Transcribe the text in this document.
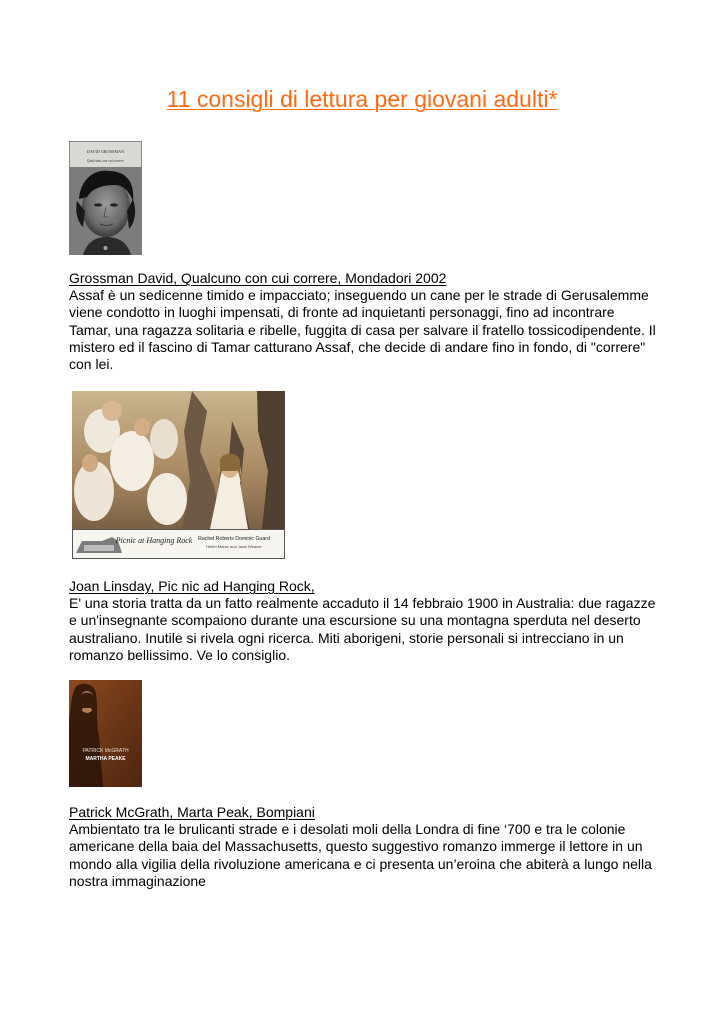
11 consigli di lettura per giovani adulti*
DAVID GROSSMAN
Qualcuno con cui correre
Grossman David, Qualcuno con cui correre, Mondadori 2002
Assaf è un sedicenne timido e impacciato; inseguendo un cane per le strade di Gerusalemme viene condotto in luoghi impensati, di fronte ad inquietanti personaggi, fino ad incontrare Tamar, una ragazza solitaria e ribelle, fuggita di casa per salvare il fratello tossicodipendente. Il mistero ed il fascino di Tamar catturano Assaf, che decide di andare fino in fondo, di "correre" con lei.
Picnic at Hanging Rock Rachel Roberts Dominic Guard
Helen Morse and Jacki Weaver
Joan Linsday, Pic nic ad Hanging Rock,
E' una storia tratta da un fatto realmente accaduto il 14 febbraio 1900 in Australia: due ragazze e un'insegnante scompaiono durante una escursione su una montagna sperduta nel deserto australiano. Inutile si rivela ogni ricerca. Miti aborigeni, storie personali si intrecciano in un romanzo bellissimo. Ve lo consiglio.
PATRICK McGRATH
MARTHA PEAKE
Patrick McGrath, Marta Peak, Bompiani
Ambientato tra le brulicanti strade e i desolati moli della Londra di fine ‘700 e tra le colonie americane della baia del Massachusetts, questo suggestivo romanzo immerge il lettore in un mondo alla vigilia della rivoluzione americana e ci presenta un’eroina che abiterà a lungo nella nostra immaginazione
